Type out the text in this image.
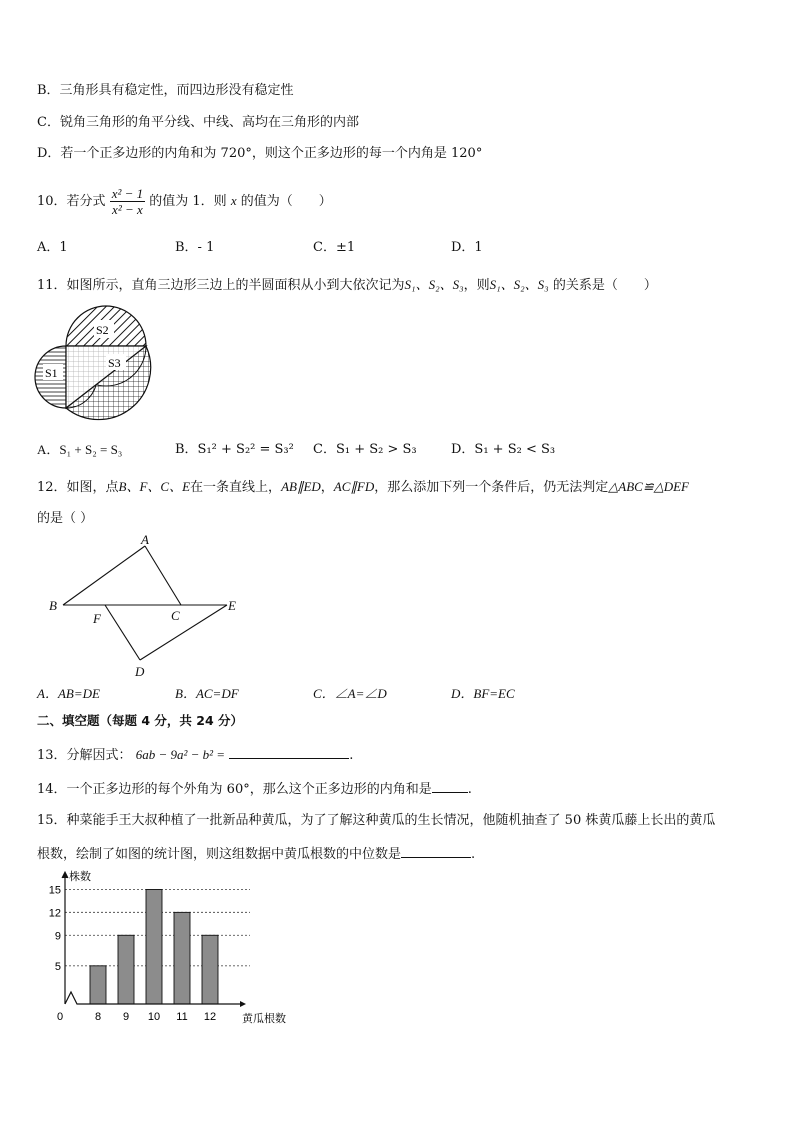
B．三角形具有稳定性，而四边形没有稳定性
C．锐角三角形的角平分线、中线、高均在三角形的内部
D．若一个正多边形的内角和为 720°，则这个正多边形的每一个内角是 120°
10．若分式 $\frac{\text{x² − 1}}{\text{x² − x}}$ 的值为 1．则 x 的值为（　　）
A．1	B．- 1	C．±1	D．1
11．如图所示，直角三边形三边上的半圆面积从小到大依次记为S₁、S₂、S₃，则S₁、S₂、S₃ 的关系是（　　）
S1
S2
S3
A．S₁ + S₂ = S₃	B．S₁² + S₂² = S₃² C．S₁ + S₂ > S₃	D．S₁ + S₂ < S₃
12．如图，点B、F、C、E在一条直线上，AB∥ED，AC∥FD，那么添加下列一个条件后，仍无法判定△ABC≌△DEF
的是（ ）
A
B
F	C
E
D
A．AB=DE	B．AC=DF	C．∠A=∠D	D．BF=EC
二、填空题（每题 4 分，共 24 分）
13．分解因式： 6ab − 9a² − b² =	.
14．一个正多边形的每个外角为 60°，那么这个正多边形的内角和是	.
15．种菜能手王大叔种植了一批新品种黄瓜，为了了解这种黄瓜的生长情况，他随机抽查了 50 株黄瓜藤上长出的黄瓜
根数，绘制了如图的统计图，则这组数据中黄瓜根数的中位数是	.
5
9
12
15
8 9 10 11 12
0
株数
黄瓜根数
